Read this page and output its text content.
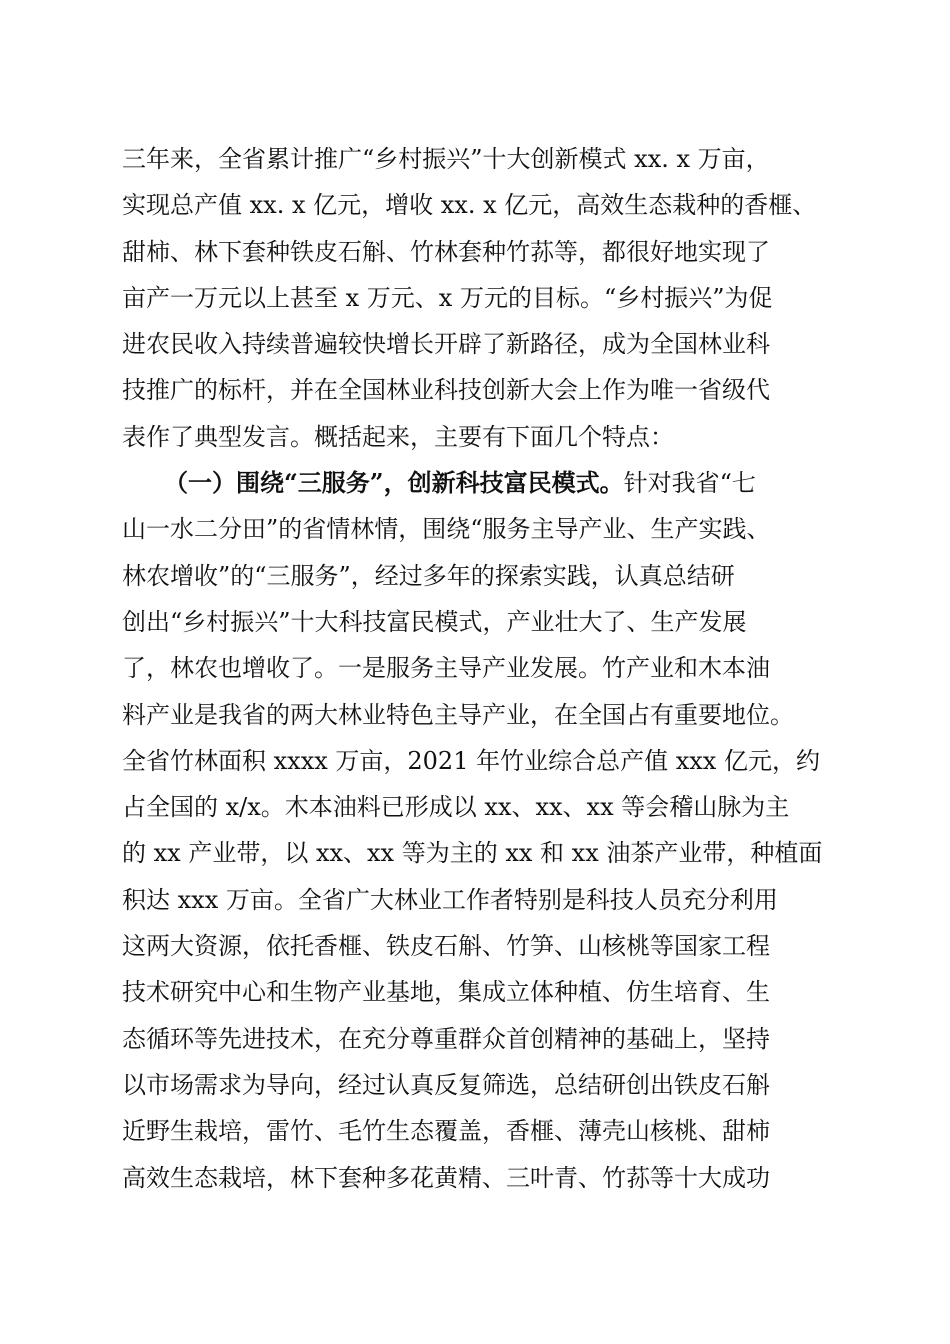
三年来，全省累计推广“乡村振兴”十大创新模式 xx. x 万亩，
实现总产值 xx. x 亿元，增收 xx. x 亿元，高效生态栽种的香榧、
甜柿、林下套种铁皮石斛、竹林套种竹荪等，都很好地实现了
亩产一万元以上甚至 x 万元、x 万元的目标。“乡村振兴”为促
进农民收入持续普遍较快增长开辟了新路径，成为全国林业科
技推广的标杆，并在全国林业科技创新大会上作为唯一省级代
表作了典型发言。概括起来，主要有下面几个特点：
（一）围绕“三服务”，创新科技富民模式。针对我省“七
山一水二分田”的省情林情，围绕“服务主导产业、生产实践、
林农增收”的“三服务”，经过多年的探索实践，认真总结研
创出“乡村振兴”十大科技富民模式，产业壮大了、生产发展
了，林农也增收了。一是服务主导产业发展。竹产业和木本油
料产业是我省的两大林业特色主导产业，在全国占有重要地位。
全省竹林面积 xxxx 万亩，2021 年竹业综合总产值 xxx 亿元，约
占全国的 x/x。木本油料已形成以 xx、xx、xx 等会稽山脉为主
的 xx 产业带，以 xx、xx 等为主的 xx 和 xx 油茶产业带，种植面
积达 xxx 万亩。全省广大林业工作者特别是科技人员充分利用
这两大资源，依托香榧、铁皮石斛、竹笋、山核桃等国家工程
技术研究中心和生物产业基地，集成立体种植、仿生培育、生
态循环等先进技术，在充分尊重群众首创精神的基础上，坚持
以市场需求为导向，经过认真反复筛选，总结研创出铁皮石斛
近野生栽培，雷竹、毛竹生态覆盖，香榧、薄壳山核桃、甜柿
高效生态栽培，林下套种多花黄精、三叶青、竹荪等十大成功
